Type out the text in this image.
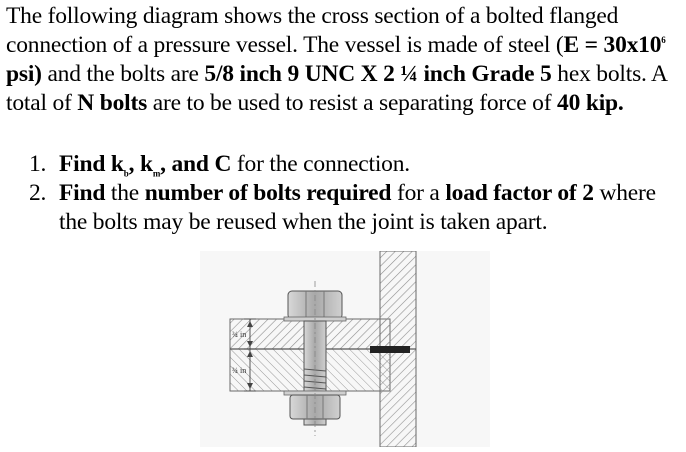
The following diagram shows the cross section of a bolted flanged connection of a pressure vessel. The vessel is made of steel ($E = 30x10^6$ psi) and the bolts are 5/8 inch 9 UNC X 2 ¼ inch Grade 5 hex bolts. A total of N bolts are to be used to resist a separating force of 40 kip.
1. Find $k_b$, $k_m$, and C for the connection.
2. Find the number of bolts required for a load factor of 2 where the bolts may be reused when the joint is taken apart.
¾ in
¾ in
